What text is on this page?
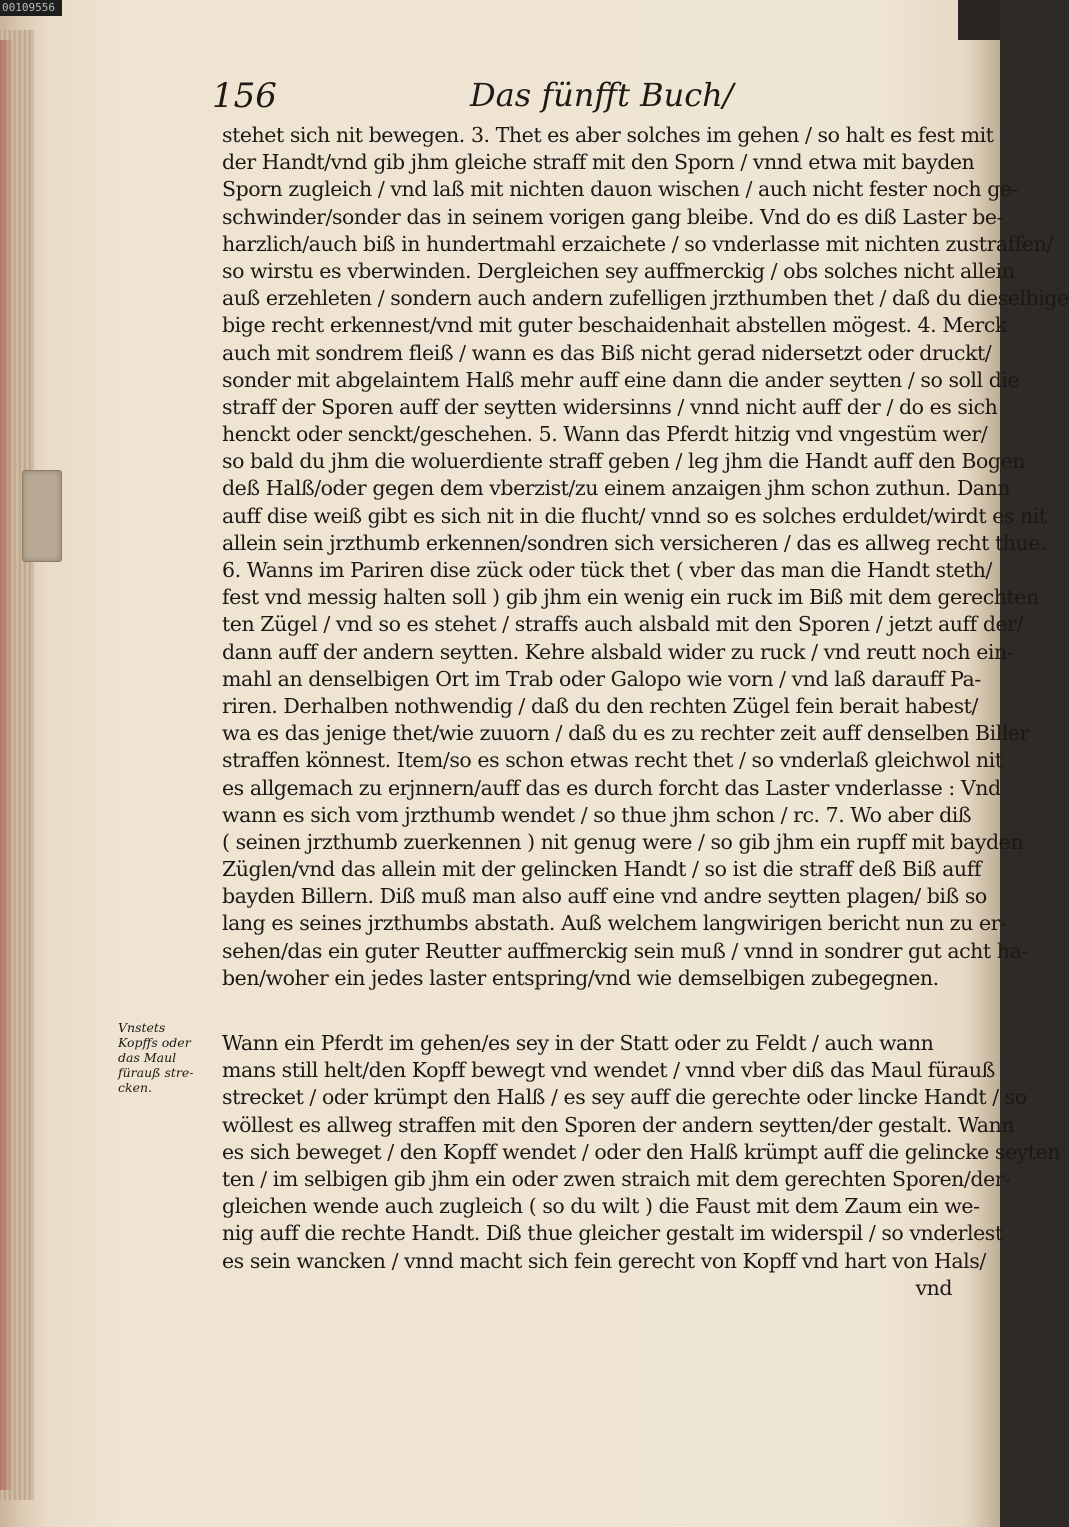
00109556
156	Das fünfft Buch/
Vnstets
Kopffs oder
das Maul
fürauß stre-
cken.
stehet sich nit bewegen. 3. Thet es aber solches im gehen / so halt es fest mit
der Handt/vnd gib jhm gleiche straff mit den Sporn / vnnd etwa mit bayden
Sporn zugleich / vnd laß mit nichten dauon wischen / auch nicht fester noch ge-
schwinder/sonder das in seinem vorigen gang bleibe. Vnd do es diß Laster be-
harzlich/auch biß in hundertmahl erzaichete / so vnderlasse mit nichten zustraffen/
so wirstu es vberwinden. Dergleichen sey auffmerckig / obs solches nicht allein
auß erzehleten / sondern auch andern zufelligen jrzthumben thet / daß du dieselbige
bige recht erkennest/vnd mit guter beschaidenhait abstellen mögest. 4. Merck
auch mit sondrem fleiß / wann es das Biß nicht gerad nidersetzt oder druckt/
sonder mit abgelaintem Halß mehr auff eine dann die ander seytten / so soll die
straff der Sporen auff der seytten widersinns / vnnd nicht auff der / do es sich
henckt oder senckt/geschehen. 5. Wann das Pferdt hitzig vnd vngestüm wer/
so bald du jhm die woluerdiente straff geben / leg jhm die Handt auff den Bogen
deß Halß/oder gegen dem vberzist/zu einem anzaigen jhm schon zuthun. Dann
auff dise weiß gibt es sich nit in die flucht/ vnnd so es solches erduldet/wirdt es nit
allein sein jrzthumb erkennen/sondren sich versicheren / das es allweg recht thue.
6. Wanns im Pariren dise zück oder tück thet ( vber das man die Handt steth/
fest vnd messig halten soll ) gib jhm ein wenig ein ruck im Biß mit dem gerechten
ten Zügel / vnd so es stehet / straffs auch alsbald mit den Sporen / jetzt auff der/
dann auff der andern seytten. Kehre alsbald wider zu ruck / vnd reutt noch ein-
mahl an denselbigen Ort im Trab oder Galopo wie vorn / vnd laß darauff Pa-
riren. Derhalben nothwendig / daß du den rechten Zügel fein berait habest/
wa es das jenige thet/wie zuuorn / daß du es zu rechter zeit auff denselben Biller
straffen könnest. Item/so es schon etwas recht thet / so vnderlaß gleichwol nit
es allgemach zu erjnnern/auff das es durch forcht das Laster vnderlasse : Vnd
wann es sich vom jrzthumb wendet / so thue jhm schon / rc. 7. Wo aber diß
( seinen jrzthumb zuerkennen ) nit genug were / so gib jhm ein rupff mit bayden
Züglen/vnd das allein mit der gelincken Handt / so ist die straff deß Biß auff
bayden Billern. Diß muß man also auff eine vnd andre seytten plagen/ biß so
lang es seines jrzthumbs abstath. Auß welchem langwirigen bericht nun zu er-
sehen/das ein guter Reutter auffmerckig sein muß / vnnd in sondrer gut acht ha-
ben/woher ein jedes laster entspring/vnd wie demselbigen zubegegnen.
Wann ein Pferdt im gehen/es sey in der Statt oder zu Feldt / auch wann
mans still helt/den Kopff bewegt vnd wendet / vnnd vber diß das Maul fürauß
strecket / oder krümpt den Halß / es sey auff die gerechte oder lincke Handt / so
wöllest es allweg straffen mit den Sporen der andern seytten/der gestalt. Wann
es sich beweget / den Kopff wendet / oder den Halß krümpt auff die gelincke seyten
ten / im selbigen gib jhm ein oder zwen straich mit dem gerechten Sporen/der-
gleichen wende auch zugleich ( so du wilt ) die Faust mit dem Zaum ein we-
nig auff die rechte Handt. Diß thue gleicher gestalt im widerspil / so vnderlest
es sein wancken / vnnd macht sich fein gerecht von Kopff vnd hart von Hals/
vnd
